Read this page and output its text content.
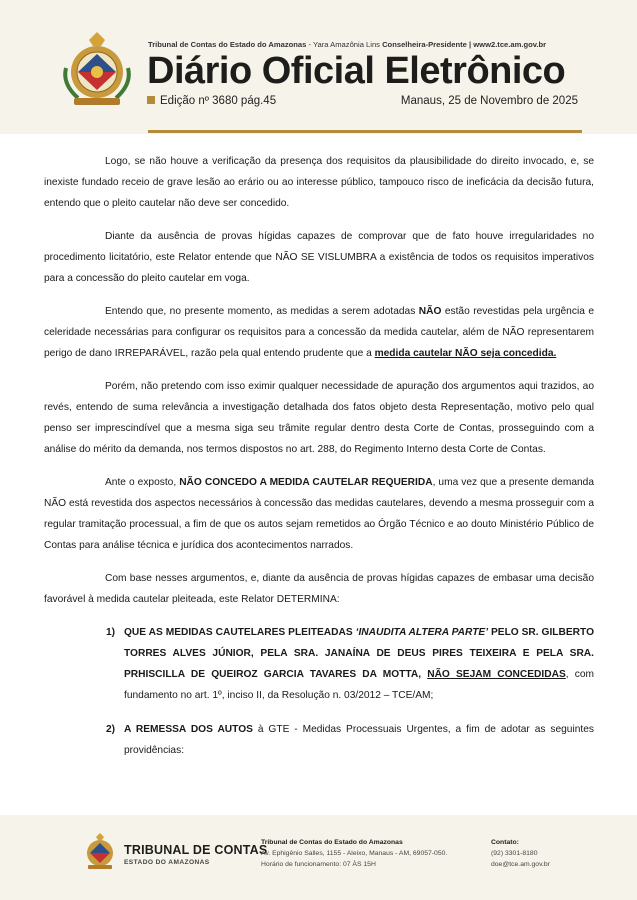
Tribunal de Contas do Estado do Amazonas - Yara Amazônia Lins Conselheira-Presidente | www2.tce.am.gov.br
Diário Oficial Eletrônico
Edição nº 3680 pág.45	Manaus, 25 de Novembro de 2025

Logo, se não houve a verificação da presença dos requisitos da plausibilidade do direito invocado, e, se inexiste fundado receio de grave lesão ao erário ou ao interesse público, tampouco risco de ineficácia da decisão futura, entendo que o pleito cautelar não deve ser concedido.

Diante da ausência de provas hígidas capazes de comprovar que de fato houve irregularidades no procedimento licitatório, este Relator entende que NÃO SE VISLUMBRA a existência de todos os requisitos imperativos para a concessão do pleito cautelar em voga.

Entendo que, no presente momento, as medidas a serem adotadas NÃO estão revestidas pela urgência e celeridade necessárias para configurar os requisitos para a concessão da medida cautelar, além de NÃO representarem perigo de dano IRREPARÁVEL, razão pela qual entendo prudente que a medida cautelar NÃO seja concedida.

Porém, não pretendo com isso eximir qualquer necessidade de apuração dos argumentos aqui trazidos, ao revés, entendo de suma relevância a investigação detalhada dos fatos objeto desta Representação, motivo pelo qual penso ser imprescindível que a mesma siga seu trâmite regular dentro desta Corte de Contas, prosseguindo com a análise do mérito da demanda, nos termos dispostos no art. 288, do Regimento Interno desta Corte de Contas.

Ante o exposto, NÃO CONCEDO A MEDIDA CAUTELAR REQUERIDA, uma vez que a presente demanda NÃO está revestida dos aspectos necessários à concessão das medidas cautelares, devendo a mesma prosseguir com a regular tramitação processual, a fim de que os autos sejam remetidos ao Órgão Técnico e ao douto Ministério Público de Contas para análise técnica e jurídica dos acontecimentos narrados.

Com base nesses argumentos, e, diante da ausência de provas hígidas capazes de embasar uma decisão favorável à medida cautelar pleiteada, este Relator DETERMINA:

1) QUE AS MEDIDAS CAUTELARES PLEITEADAS ‘INAUDITA ALTERA PARTE’ PELO SR. GILBERTO TORRES ALVES JÚNIOR, PELA SRA. JANAÍNA DE DEUS PIRES TEIXEIRA E PELA SRA. PRHISCILLA DE QUEIROZ GARCIA TAVARES DA MOTTA, NÃO SEJAM CONCEDIDAS, com fundamento no art. 1º, inciso II, da Resolução n. 03/2012 – TCE/AM;
2) A REMESSA DOS AUTOS à GTE - Medidas Processuais Urgentes, a fim de adotar as seguintes providências:
TRIBUNAL DE CONTAS
ESTADO DO AMAZONAS
Tribunal de Contas do Estado do Amazonas
Av. Ephigênio Salles, 1155 - Aleixo, Manaus - AM, 69057-050.
Horário de funcionamento: 07 ÀS 15H
Contato:
(92) 3301-8180
doe@tce.am.gov.br
